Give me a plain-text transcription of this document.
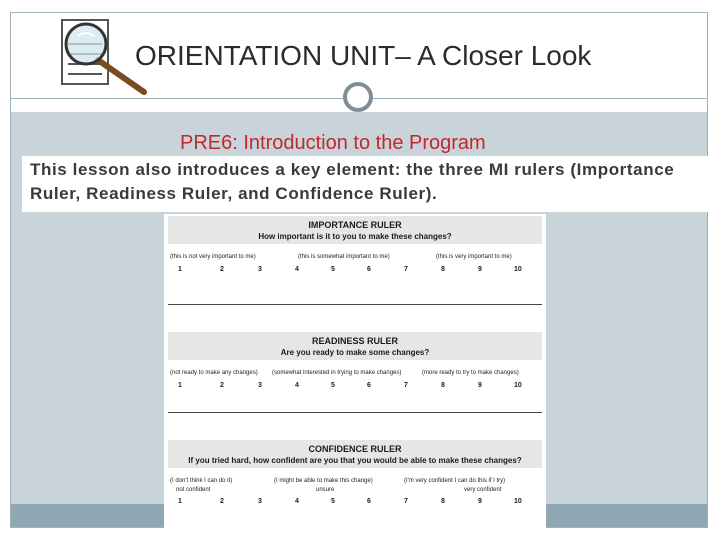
ORIENTATION UNIT– A Closer Look
PRE6: Introduction to the Program

This lesson also introduces a key element: the three MI rulers (Importance

Ruler, Readiness Ruler, and Confidence Ruler).

IMPORTANCE RULER
How important is it to you to make these changes?
(this is not very important to me)	(this is somewhat important to me)	(this is very important to me)
1	2	3	4	5	6	7	8	9	10
READINESS RULER
Are you ready to make some changes?
(not ready to make any changes) (somewhat interested in trying to make changes)	(more ready to try to make changes)
1	2	3	4	5	6	7	8	9	10
CONFIDENCE RULER
If you tried hard, how confident are you that you would be able to make these changes?
(I don't think I can do it)
not confident
(I might be able to make this change)
unsure
(I'm very confident I can do this if I try)
very confident
1	2	3	4	5	6	7	8	9	10
